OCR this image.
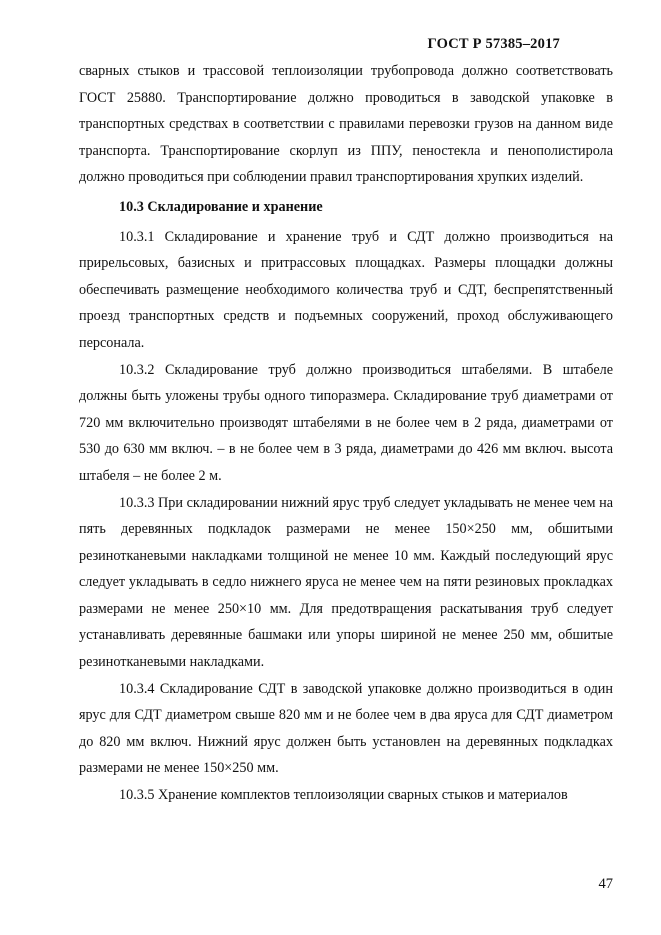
ГОСТ Р 57385–2017

сварных стыков и трассовой теплоизоляции трубопровода должно соответствовать ГОСТ 25880. Транспортирование должно проводиться в заводской упаковке в транспортных средствах в соответствии с правилами перевозки грузов на данном виде транспорта. Транспортирование скорлуп из ППУ, пеностекла и пенополистирола должно проводиться при соблюдении правил транспортирования хрупких изделий.

10.3 Складирование и хранение

10.3.1 Складирование и хранение труб и СДТ должно производиться на прирельсовых, базисных и притрассовых площадках. Размеры площадки должны обеспечивать размещение необходимого количества труб и СДТ, беспрепятственный проезд транспортных средств и подъемных сооружений, проход обслуживающего персонала.

10.3.2 Складирование труб должно производиться штабелями. В штабеле должны быть уложены трубы одного типоразмера. Складирование труб диаметрами от 720 мм включительно производят штабелями в не более чем в 2 ряда, диаметрами от 530 до 630 мм включ. – в не более чем в 3 ряда, диаметрами до 426 мм включ. высота штабеля – не более 2 м.

10.3.3 При складировании нижний ярус труб следует укладывать не менее чем на пять деревянных подкладок размерами не менее 150×250 мм, обшитыми резинотканевыми накладками толщиной не менее 10 мм. Каждый последующий ярус следует укладывать в седло нижнего яруса не менее чем на пяти резиновых прокладках размерами не менее 250×10 мм. Для предотвращения раскатывания труб следует устанавливать деревянные башмаки или упоры шириной не менее 250 мм, обшитые резинотканевыми накладками.

10.3.4 Складирование СДТ в заводской упаковке должно производиться в один ярус для СДТ диаметром свыше 820 мм и не более чем в два яруса для СДТ диаметром до 820 мм включ. Нижний ярус должен быть установлен на деревянных подкладках размерами не менее 150×250 мм.

10.3.5 Хранение комплектов теплоизоляции сварных стыков и материалов

47
